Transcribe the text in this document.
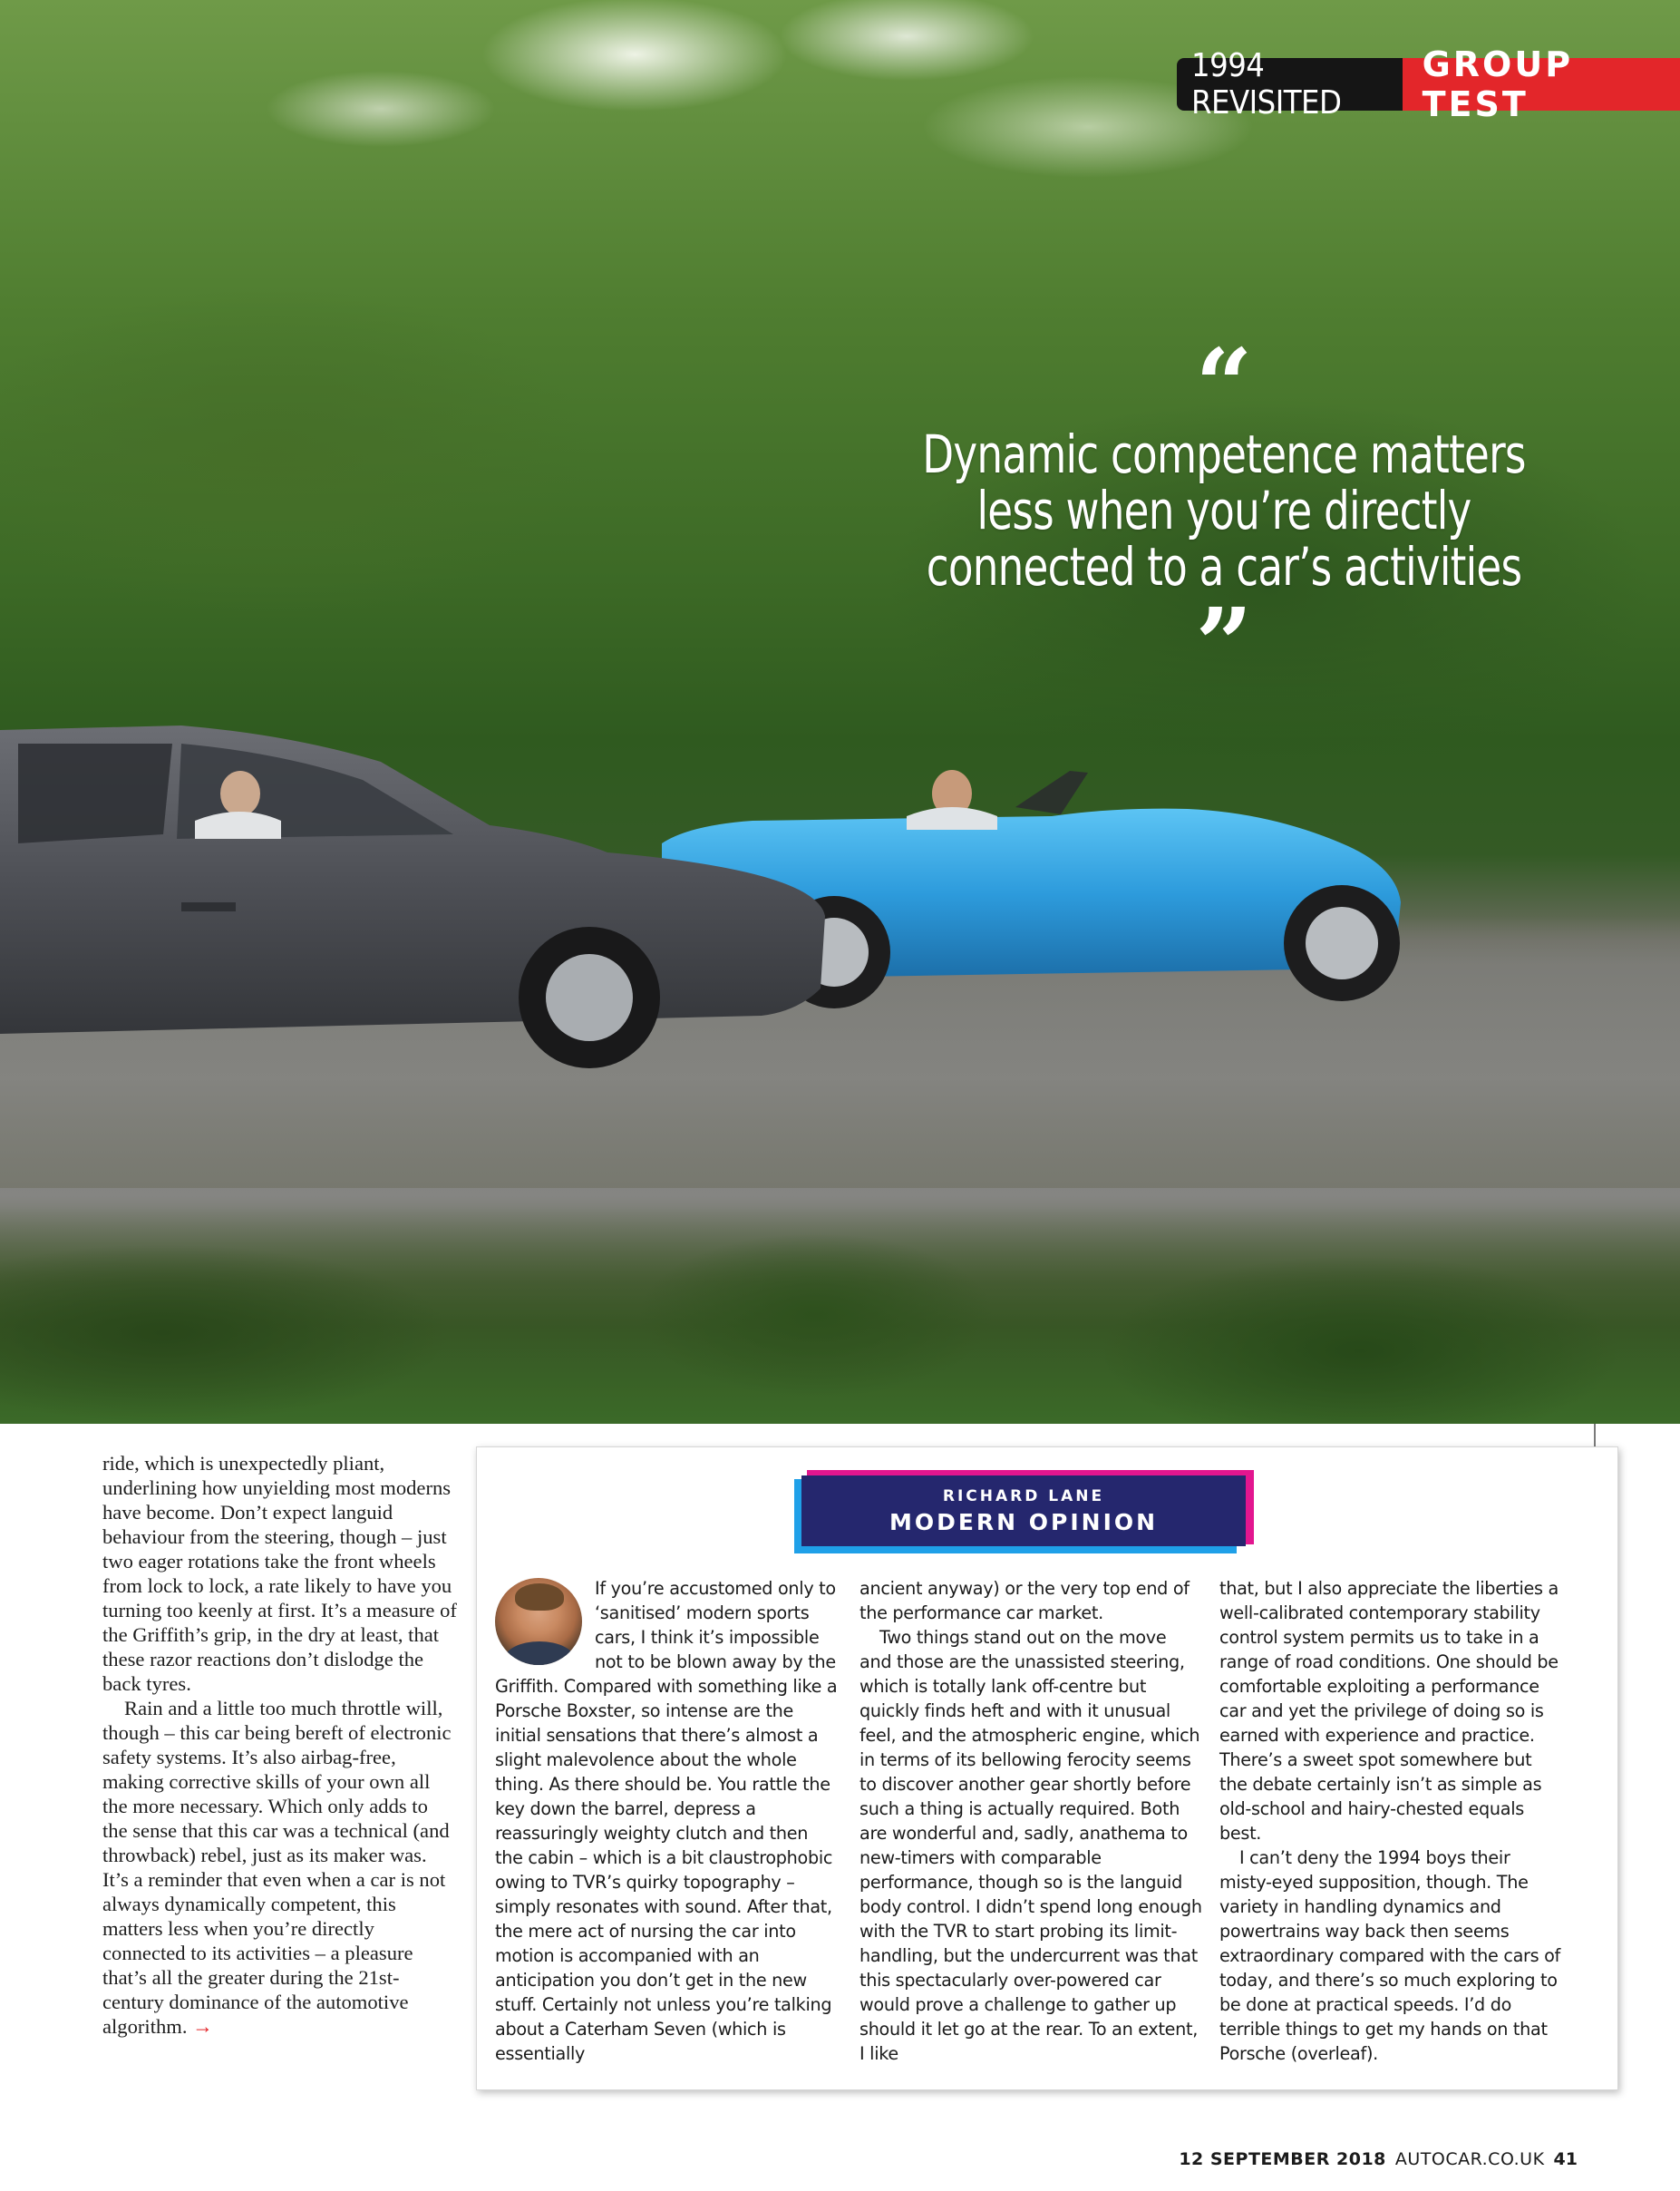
1994 REVISITED
GROUP TEST
“
Dynamic competence matters
less when you’re directly
connected to a car’s activities
”

ride, which is unexpectedly pliant, underlining how unyielding most moderns have become. Don’t expect languid behaviour from the steering, though – just two eager rotations take the front wheels from lock to lock, a rate likely to have you turning too keenly at first. It’s a measure of the Griffith’s grip, in the dry at least, that these razor reactions don’t dislodge the back tyres.

Rain and a little too much throttle will, though – this car being bereft of electronic safety systems. It’s also airbag-free, making corrective skills of your own all the more necessary. Which only adds to the sense that this car was a technical (and throwback) rebel, just as its maker was. It’s a reminder that even when a car is not always dynamically competent, this matters less when you’re directly connected to its activities – a pleasure that’s all the greater during the 21st-century dominance of the automotive algorithm. →

RICHARD LANE
MODERN OPINION

If you’re accustomed only to ‘sanitised’ modern sports cars, I think it’s impossible not to be blown away by the Griffith. Compared with something like a Porsche Boxster, so intense are the initial sensations that there’s almost a slight malevolence about the whole thing. As there should be. You rattle the key down the barrel, depress a reassuringly weighty clutch and then the cabin – which is a bit claustrophobic owing to TVR’s quirky topography – simply resonates with sound. After that, the mere act of nursing the car into motion is accompanied with an anticipation you don’t get in the new stuff. Certainly not unless you’re talking about a Caterham Seven (which is essentially

ancient anyway) or the very top end of the performance car market.

Two things stand out on the move and those are the unassisted steering, which is totally lank off-centre but quickly finds heft and with it unusual feel, and the atmospheric engine, which in terms of its bellowing ferocity seems to discover another gear shortly before such a thing is actually required. Both are wonderful and, sadly, anathema to new-timers with comparable performance, though so is the languid body control. I didn’t spend long enough with the TVR to start probing its limit-handling, but the undercurrent was that this spectacularly over-powered car would prove a challenge to gather up should it let go at the rear. To an extent, I like

that, but I also appreciate the liberties a well-calibrated contemporary stability control system permits us to take in a range of road conditions. One should be comfortable exploiting a performance car and yet the privilege of doing so is earned with experience and practice. There’s a sweet spot somewhere but the debate certainly isn’t as simple as old-school and hairy-chested equals best.

I can’t deny the 1994 boys their misty-eyed supposition, though. The variety in handling dynamics and powertrains way back then seems extraordinary compared with the cars of today, and there’s so much exploring to be done at practical speeds. I’d do terrible things to get my hands on that Porsche (overleaf).

12 SEPTEMBER 2018 AUTOCAR.CO.UK 41
